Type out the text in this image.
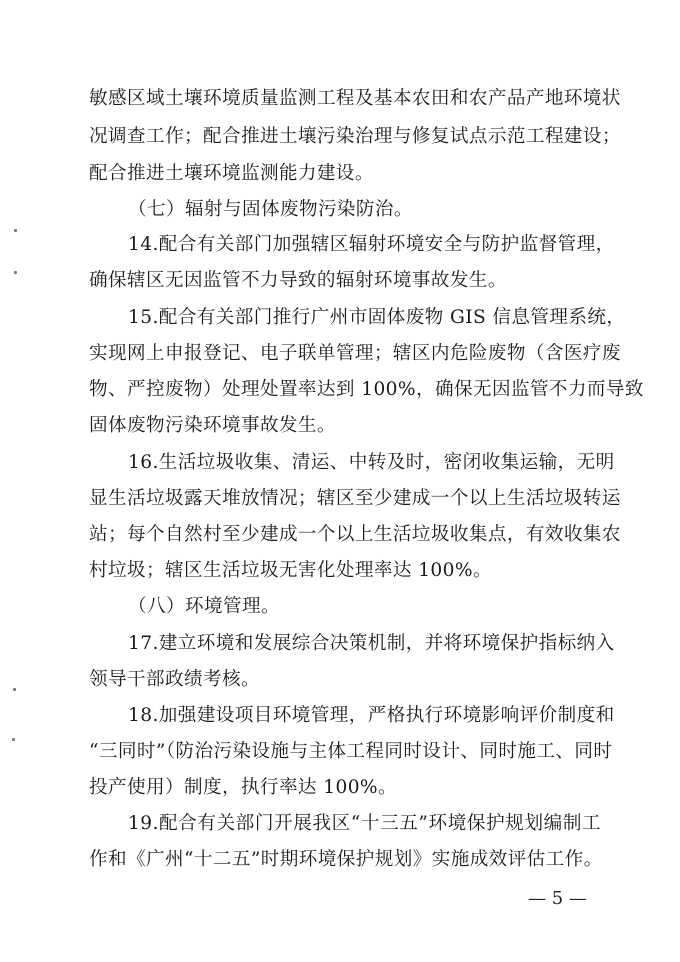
敏感区域土壤环境质量监测工程及基本农田和农产品产地环境状
况调查工作；配合推进土壤污染治理与修复试点示范工程建设；
配合推进土壤环境监测能力建设。
（七）辐射与固体废物污染防治。
14.配合有关部门加强辖区辐射环境安全与防护监督管理，
确保辖区无因监管不力导致的辐射环境事故发生。
15.配合有关部门推行广州市固体废物 GIS 信息管理系统，
实现网上申报登记、电子联单管理；辖区内危险废物（含医疗废
物、严控废物）处理处置率达到 100%，确保无因监管不力而导致
固体废物污染环境事故发生。
16.生活垃圾收集、清运、中转及时，密闭收集运输，无明
显生活垃圾露天堆放情况；辖区至少建成一个以上生活垃圾转运
站；每个自然村至少建成一个以上生活垃圾收集点，有效收集农
村垃圾；辖区生活垃圾无害化处理率达 100%。
（八）环境管理。
17.建立环境和发展综合决策机制，并将环境保护指标纳入
领导干部政绩考核。
18.加强建设项目环境管理，严格执行环境影响评价制度和
“三同时”（防治污染设施与主体工程同时设计、同时施工、同时
投产使用）制度，执行率达 100%。
19.配合有关部门开展我区“十三五”环境保护规划编制工
作和《广州“十二五”时期环境保护规划》实施成效评估工作。
— 5 —
